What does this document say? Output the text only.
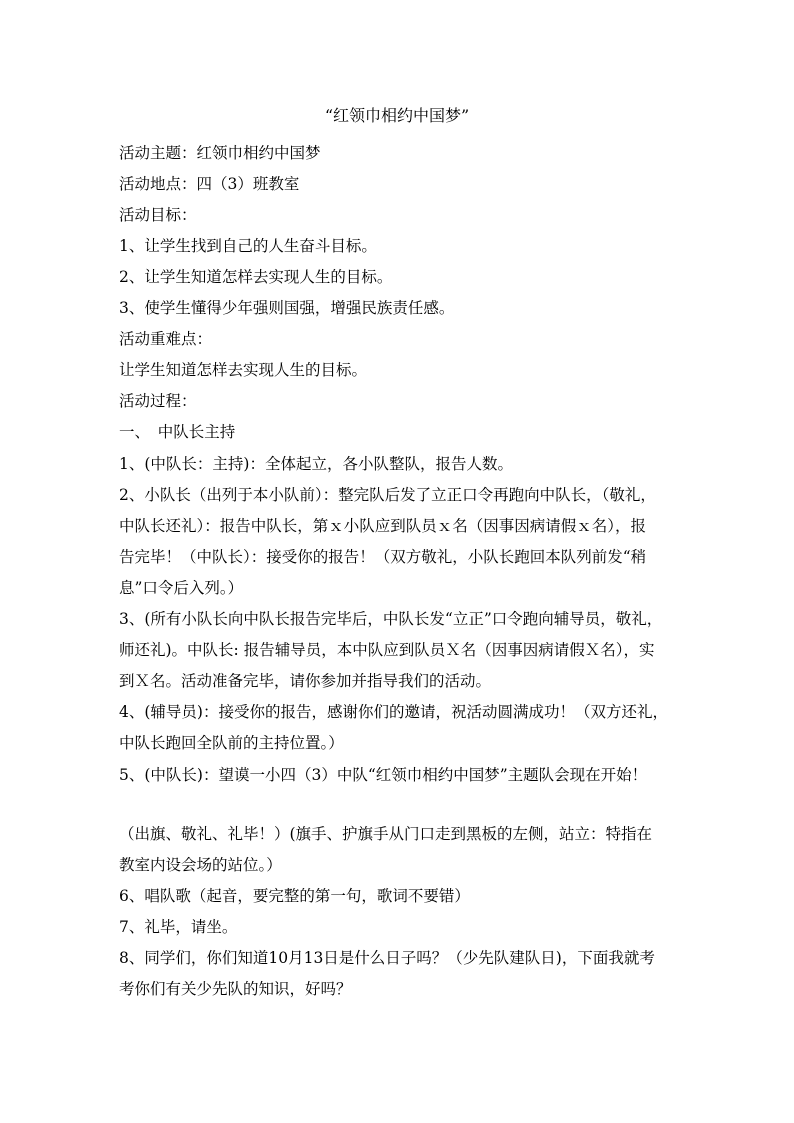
“红领巾相约中国梦”
活动主题：红领巾相约中国梦
活动地点：四（3）班教室
活动目标：
1、让学生找到自己的人生奋斗目标。
2、让学生知道怎样去实现人生的目标。
3、使学生懂得少年强则国强，增强民族责任感。
活动重难点：
让学生知道怎样去实现人生的目标。
活动过程：
一、　中队长主持
1、(中队长：主持)：全体起立，各小队整队，报告人数。
2、小队长（出列于本小队前）：整完队后发了立正口令再跑向中队长，（敬礼，
中队长还礼）：报告中队长，第ｘ小队应到队员ｘ名（因事因病请假ｘ名），报
告完毕！（中队长）：接受你的报告！（双方敬礼，小队长跑回本队列前发“稍
息”口令后入列。）
3、(所有小队长向中队长报告完毕后，中队长发“立正”口令跑向辅导员，敬礼，
师还礼)。中队长: 报告辅导员，本中队应到队员Ｘ名（因事因病请假Ｘ名），实
到Ｘ名。活动准备完毕，请你参加并指导我们的活动。
4、(辅导员)：接受你的报告，感谢你们的邀请，祝活动圆满成功！（双方还礼，
中队长跑回全队前的主持位置。）
5、(中队长)：望谟一小四（3）中队“红领巾相约中国梦”主题队会现在开始！
（出旗、敬礼、礼毕！）(旗手、护旗手从门口走到黑板的左侧，站立：特指在
教室内设会场的站位。）
6、唱队歌（起音，要完整的第一句，歌词不要错）
7、礼毕，请坐。
8、同学们，你们知道10月13日是什么日子吗？（少先队建队日)，下面我就考
考你们有关少先队的知识，好吗？
